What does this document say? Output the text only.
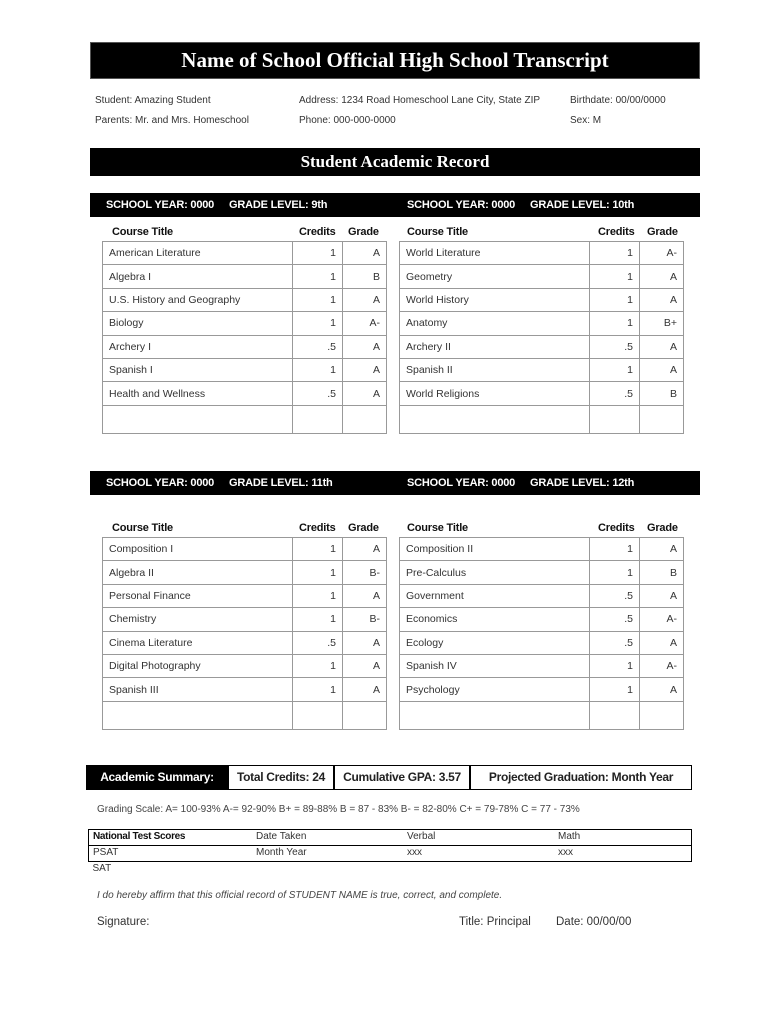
Name of School Official High School Transcript
Student: Amazing Student	Address: 1234 Road Homeschool Lane City, State ZIP	Birthdate: 00/00/0000
Parents: Mr. and Mrs. Homeschool	Phone: 000-000-0000	Sex: M
Student Academic Record
SCHOOL YEAR: 0000 GRADE LEVEL: 9th	SCHOOL YEAR: 0000 GRADE LEVEL: 10th
SCHOOL YEAR: 0000 GRADE LEVEL: 11th	SCHOOL YEAR: 0000 GRADE LEVEL: 12th
Course Title	Credits Grade	Course Title	Credits Grade
Course Title	Credits Grade	Course Title	Credits Grade
American Literature	1	A
Algebra I	1	B
U.S. History and Geography	1	A
Biology	1	A-
Archery I	.5	A
Spanish I	1	A
Health and Wellness	.5	A

World Literature	1	A-
Geometry	1	A
World History	1	A
Anatomy	1	B+
Archery II	.5	A
Spanish II	1	A
World Religions	.5	B

Composition I	1	A
Algebra II	1	B-
Personal Finance	1	A
Chemistry	1	B-
Cinema Literature	.5	A
Digital Photography	1	A
Spanish III	1	A

Composition II	1	A
Pre-Calculus	1	B
Government	.5	A
Economics	.5	A-
Ecology	.5	A
Spanish IV	1	A-
Psychology	1	A

Academic Summary:	Total Credits: 24	Cumulative GPA: 3.57	Projected Graduation: Month Year
Grading Scale: A= 100-93% A-= 92-90% B+ = 89-88% B = 87 - 83% B- = 82-80% C+ = 79-78% C = 77 - 73%
National Test Scores	Date Taken	Verbal	Math
PSAT	Month Year	xxx	xxx
SAT			
I do hereby affirm that this official record of STUDENT NAME is true, correct, and complete.
Signature:	Title: Principal Date: 00/00/00
